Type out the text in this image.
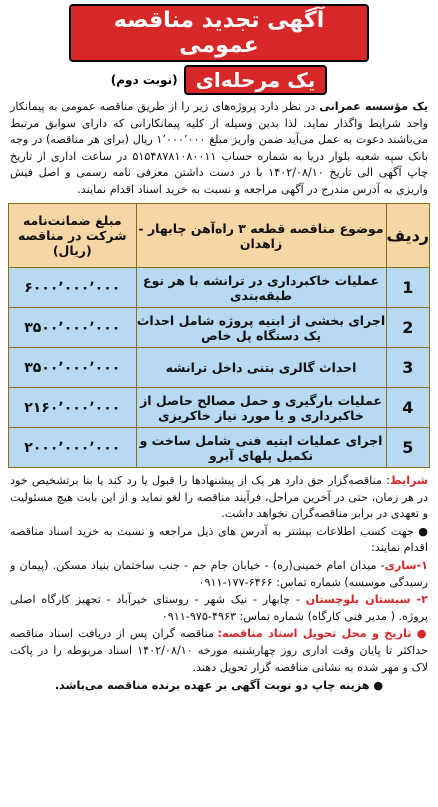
آگهی تجدید مناقصه عمومی
یک مرحله‌ای
(نوبت دوم)
یک مؤسسه عمرانی در نظر دارد پروژه‌های زیر را از طریق مناقصه عمومی به پیمانکار واجد شرایط واگذار نماید. لذا بدین وسیله از کلیه پیمانکارانی که دارای سوابق مرتبط می‌باشند دعوت به عمل می‌آید ضمن واریز مبلغ ۱٬۰۰۰٬۰۰۰ ریال (برای هر مناقصه) در وجه بانک سپه شعبه بلوار دریا به شماره حساب ۵۱۵۴۸۷۸۱۰۸۰۰۱۱ در ساعت اداری از تاریخ چاپ آگهی الی تاریخ ۱۴۰۲/۰۸/۱۰ با در دست داشتن معرفی نامه رسمی و اصل فیش واریزی به آدرس مندرج در آگهی مراجعه و نسبت به خرید اسناد اقدام نمایند.
ردیف	موضوع مناقصه قطعه ۳ راه‌آهن چابهار - زاهدان	مبلغ ضمانت‌نامه شرکت در مناقصه (ریال)
1	عملیات خاکبرداری در ترانشه با هر نوع طبقه‌بندی	۶۰۰۰٬۰۰۰٬۰۰۰
2	اجرای بخشی از ابنیه پروژه شامل احداث یک دستگاه پل خاص	۳۵۰۰٬۰۰۰٬۰۰۰
3	احداث گالری بتنی داخل ترانشه	۳۵۰۰٬۰۰۰٬۰۰۰
4	عملیات بارگیری و حمل مصالح حاصل از خاکبرداری و یا مورد نیاز خاکریزی	۲۱۶۰٬۰۰۰٬۰۰۰
5	اجرای عملیات ابنیه فنی شامل ساخت و تکمیل پلهای آبرو	۲۰۰۰٬۰۰۰٬۰۰۰

شرایط: مناقصه‌گزار حق دارد هر یک از پیشنهادها را قبول یا رد کند یا بنا برتشخیص خود در هر زمان، حتی در آخرین مراحل، فرآیند مناقصه را لغو نماید و از این بابت هیچ مسئولیت و تعهدی در برابر مناقصه‌گران نخواهد داشت.

● جهت کسب اطلاعات بیشتر به آدرس های ذیل مراجعه و نسبت به خرید اسناد مناقصه اقدام نمایند:

۱-ساری- میدان امام خمینی(ره) - خیابان جام جم - جنب ساختمان بنیاد مسکن. (پیمان و رسیدگی موسسه) شماره تماس: ۶۴۶۶-۱۷۷-۰۹۱۱

۲- سیستان بلوچستان - چابهار - نیک شهر - روستای خیرآباد - تجهیز کارگاه اصلی پروژه. ( مدیر فنی کارگاه) شماره تماس: ۴۹۶۳-۹۷۵-۰۹۱۱

● تاریخ و محل تحویل اسناد مناقصه: مناقصه گران پس از دریافت اسناد مناقصه حداکثر تا پایان وقت اداری روز چهارشنبه مورخه ۱۴۰۲/۰۸/۱۰ اسناد مربوطه را در پاکت لاک و مهر شده به نشانی مناقصه گزار تحویل دهند.

● هزینه چاپ دو نوبت آگهی بر عهده برنده مناقصه می‌باشد.
